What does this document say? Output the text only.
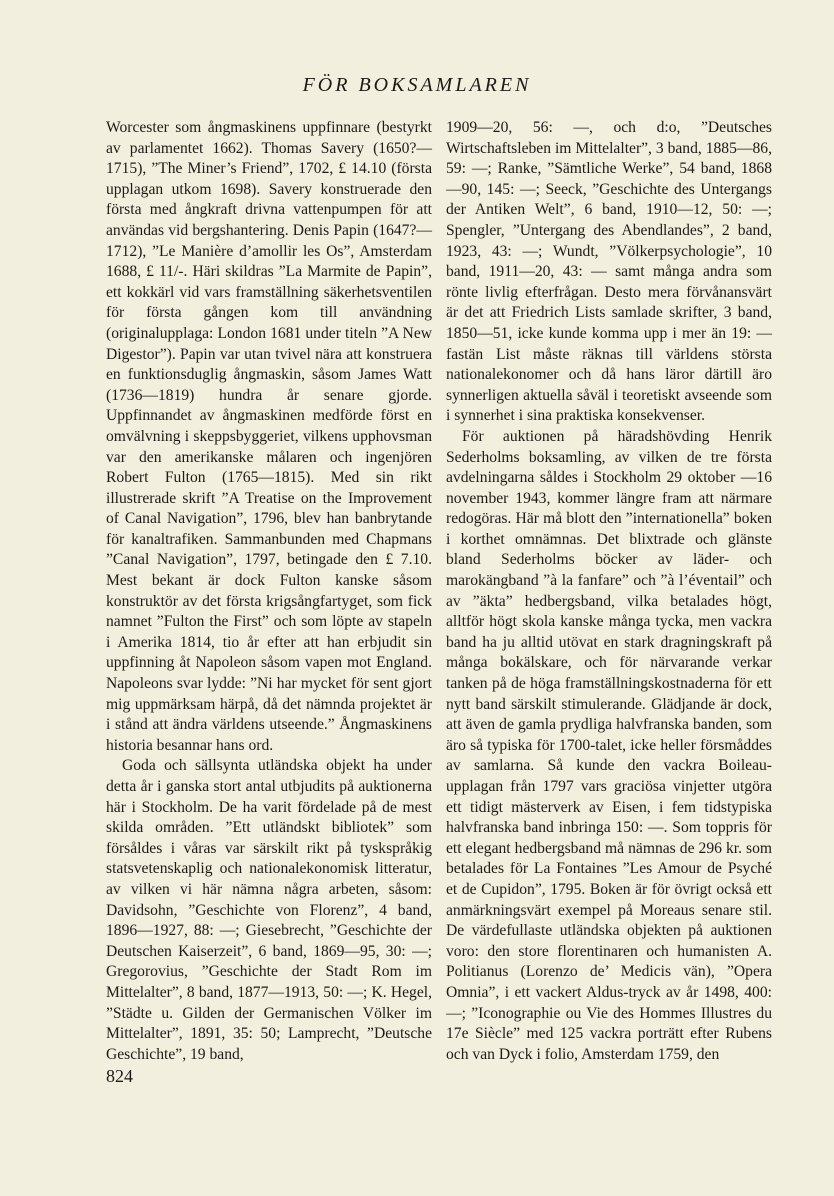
FÖR BOKSAMLAREN

Worcester som ångmaskinens uppfinnare (bestyrkt av parlamentet 1662). Thomas Savery (1650?—1715), ”The Miner’s Friend”, 1702, £ 14.10 (första upplagan utkom 1698). Savery konstruerade den första med ångkraft drivna vattenpumpen för att användas vid bergshantering. Denis Papin (1647?—1712), ”Le Manière d’amollir les Os”, Amsterdam 1688, £ 11/-. Häri skildras ”La Marmite de Papin”, ett kokkärl vid vars framställning säkerhetsventilen för första gången kom till användning (originalupplaga: London 1681 under titeln ”A New Digestor”). Papin var utan tvivel nära att konstruera en funktionsduglig ångmaskin, såsom James Watt (1736—1819) hundra år senare gjorde. Uppfinnandet av ångmaskinen medförde först en omvälvning i skeppsbyggeriet, vilkens upphovsman var den amerikanske målaren och ingenjören Robert Fulton (1765—1815). Med sin rikt illustrerade skrift ”A Treatise on the Improvement of Canal Navigation”, 1796, blev han banbrytande för kanaltrafiken. Sammanbunden med Chapmans ”Canal Navigation”, 1797, betingade den £ 7.10. Mest bekant är dock Fulton kanske såsom konstruktör av det första krigsångfartyget, som fick namnet ”Fulton the First” och som löpte av stapeln i Amerika 1814, tio år efter att han erbjudit sin uppfinning åt Napoleon såsom vapen mot England. Napoleons svar lydde: ”Ni har mycket för sent gjort mig uppmärksam härpå, då det nämnda projektet är i stånd att ändra världens utseende.” Ångmaskinens historia besannar hans ord.

Goda och sällsynta utländska objekt ha under detta år i ganska stort antal utbjudits på auktionerna här i Stockholm. De ha varit fördelade på de mest skilda områden. ”Ett utländskt bibliotek” som försåldes i våras var särskilt rikt på tyskspråkig statsvetenskaplig och nationalekonomisk litteratur, av vilken vi här nämna några arbeten, såsom: Davidsohn, ”Geschichte von Florenz”, 4 band, 1896—1927, 88: —; Giesebrecht, ”Geschichte der Deutschen Kaiserzeit”, 6 band, 1869—95, 30: —; Gregorovius, ”Geschichte der Stadt Rom im Mittelalter”, 8 band, 1877—1913, 50: —; K. Hegel, ”Städte u. Gilden der Germanischen Völker im Mittelalter”, 1891, 35: 50; Lamprecht, ”Deutsche Geschichte”, 19 band,

1909—20, 56: —, och d:o, ”Deutsches Wirtschaftsleben im Mittelalter”, 3 band, 1885—86, 59: —; Ranke, ”Sämtliche Werke”, 54 band, 1868—90, 145: —; Seeck, ”Geschichte des Untergangs der Antiken Welt”, 6 band, 1910—12, 50: —; Spengler, ”Untergang des Abendlandes”, 2 band, 1923, 43: —; Wundt, ”Völkerpsychologie”, 10 band, 1911—20, 43: — samt många andra som rönte livlig efterfrågan. Desto mera förvånansvärt är det att Friedrich Lists samlade skrifter, 3 band, 1850—51, icke kunde komma upp i mer än 19: — fastän List måste räknas till världens största nationalekonomer och då hans läror därtill äro synnerligen aktuella såväl i teoretiskt avseende som i synnerhet i sina praktiska konsekvenser.

För auktionen på häradshövding Henrik Sederholms boksamling, av vilken de tre första avdelningarna såldes i Stockholm 29 oktober —16 november 1943, kommer längre fram att närmare redogöras. Här må blott den ”internationella” boken i korthet omnämnas. Det blixtrade och glänste bland Sederholms böcker av läder- och marokängband ”à la fanfare” och ”à l’éventail” och av ”äkta” hedbergsband, vilka betalades högt, alltför högt skola kanske många tycka, men vackra band ha ju alltid utövat en stark dragningskraft på många bokälskare, och för närvarande verkar tanken på de höga framställningskostnaderna för ett nytt band särskilt stimulerande. Glädjande är dock, att även de gamla prydliga halvfranska banden, som äro så typiska för 1700-talet, icke heller försmåddes av samlarna. Så kunde den vackra Boileau-upplagan från 1797 vars graciösa vinjetter utgöra ett tidigt mästerverk av Eisen, i fem tidstypiska halvfranska band inbringa 150: —. Som toppris för ett elegant hedbergsband må nämnas de 296 kr. som betalades för La Fontaines ”Les Amour de Psyché et de Cupidon”, 1795. Boken är för övrigt också ett anmärkningsvärt exempel på Moreaus senare stil. De värdefullaste utländska objekten på auktionen voro: den store florentinaren och humanisten A. Politianus (Lorenzo de’ Medicis vän), ”Opera Omnia”, i ett vackert Aldus-tryck av år 1498, 400: —; ”Iconographie ou Vie des Hommes Illustres du 17e Siècle” med 125 vackra porträtt efter Rubens och van Dyck i folio, Amsterdam 1759, den

824
